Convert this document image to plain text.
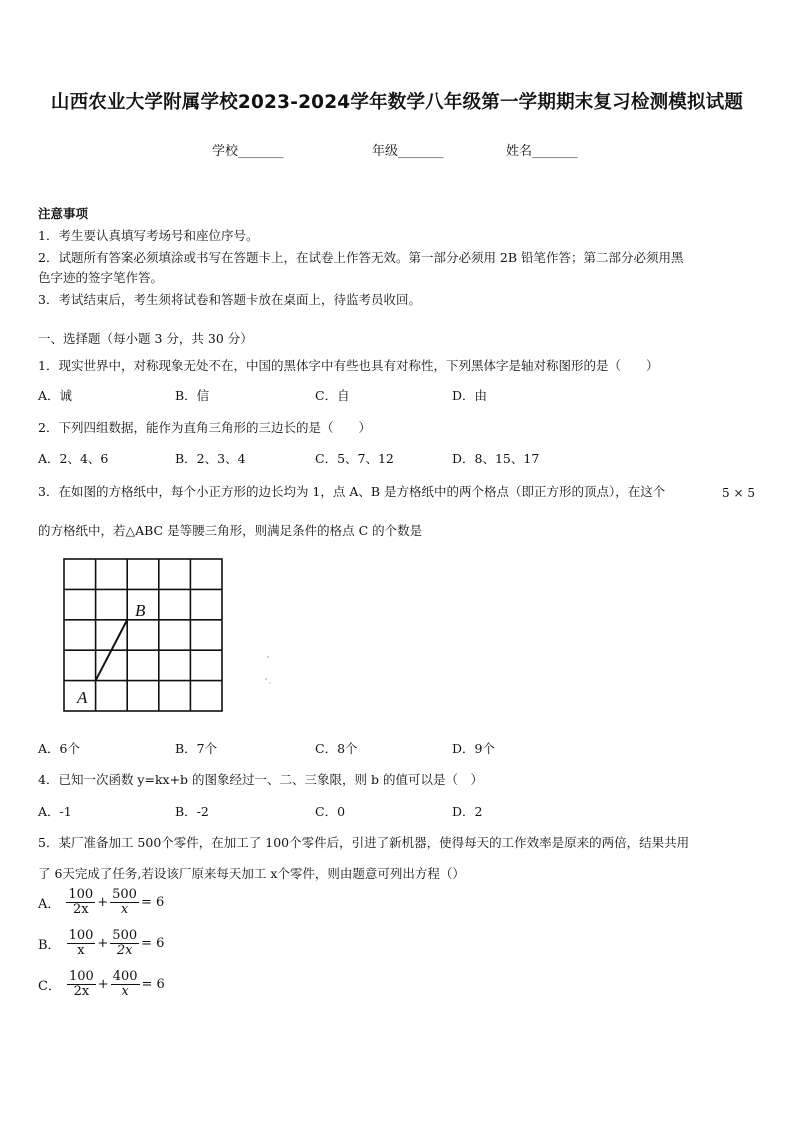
山西农业大学附属学校2023-2024学年数学八年级第一学期期末复习检测模拟试题
学校_______	年级_______	姓名_______
注意事项
1．考生要认真填写考场号和座位序号。
2．试题所有答案必须填涂或书写在答题卡上，在试卷上作答无效。第一部分必须用 2B 铅笔作答；第二部分必须用黑
色字迹的签字笔作答。
3．考试结束后，考生须将试卷和答题卡放在桌面上，待监考员收回。
一、选择题（每小题 3 分，共 30 分）
1．现实世界中，对称现象无处不在，中国的黑体字中有些也具有对称性，下列黑体字是轴对称图形的是（　　）
A．诚	B．信	C．自	D．由
2．下列四组数据，能作为直角三角形的三边长的是（　　）
A．2、4、6	B．2、3、4	C．5、7、12	D．8、15、17
3．在如图的方格纸中，每个小正方形的边长均为 1，点 A、B 是方格纸中的两个格点（即正方形的顶点），在这个	5 × 5
的方格纸中，若△ABC 是等腰三角形，则满足条件的格点 C 的个数是
A
B
A．6个	B．7个	C．8个	D．9个
4．已知一次函数 y=kx+b 的图象经过一、二、三象限，则 b 的值可以是（　）
A．-1	B．-2	C．0	D．2
5．某厂准备加工 500个零件，在加工了 100个零件后，引进了新机器，使得每天的工作效率是原来的两倍，结果共用
了 6天完成了任务,若设该厂原来每天加工 x个零件，则由题意可列出方程（）
A． $\frac{100}{2x} + \frac{500}{x} = 6$
B． $\frac{100}{x} + \frac{500}{2x} = 6$
C． $\frac{100}{2x} + \frac{400}{x} = 6$
